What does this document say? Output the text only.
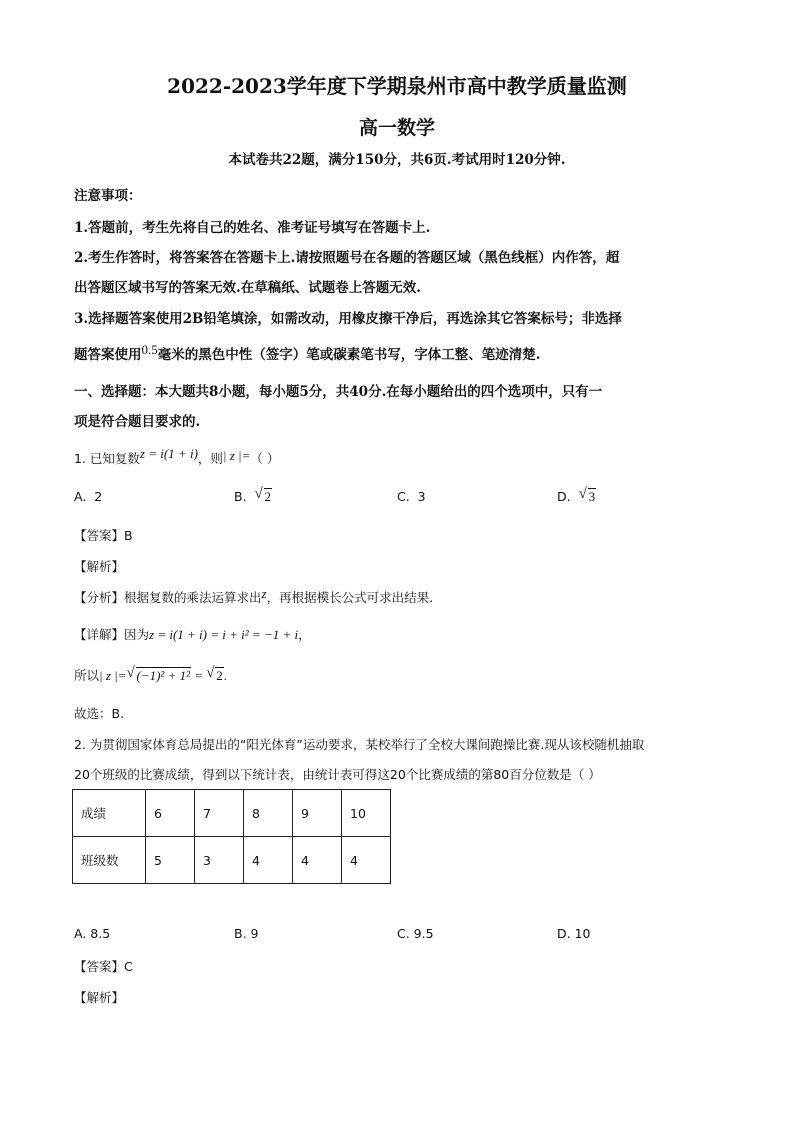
2022-2023学年度下学期泉州市高中教学质量监测
高一数学
本试卷共22题，满分150分，共6页.考试用时120分钟.
注意事项：
1.答题前，考生先将自己的姓名、准考证号填写在答题卡上.
2.考生作答时，将答案答在答题卡上.请按照题号在各题的答题区域（黑色线框）内作答，超
出答题区域书写的答案无效.在草稿纸、试题卷上答题无效.
3.选择题答案使用2B铅笔填涂，如需改动，用橡皮擦干净后，再选涂其它答案标号；非选择
题答案使用0.5毫米的黑色中性（签字）笔或碳素笔书写，字体工整、笔迹清楚.
一、选择题：本大题共8小题，每小题5分，共40分.在每小题给出的四个选项中，只有一
项是符合题目要求的.
1. 已知复数z = i(1 + i)，则| z |=（ ）
A. 2	B. √ 2	C. 3	D. √ 3
【答案】B
【解析】
【分析】根据复数的乘法运算求出z，再根据模长公式可求出结果.
【详解】因为z = i(1 + i) = i + i² = −1 + i，
所以| z |= √ (−1)² + 1² = √ 2.
故选：B.
2. 为贯彻国家体育总局提出的“阳光体育”运动要求，某校举行了全校大课间跑操比赛.现从该校随机抽取
20个班级的比赛成绩，得到以下统计表，由统计表可得这20个比赛成绩的第80百分位数是（ ）
成绩	6	7	8	9	10
班级数	5	3	4	4	4
A. 8.5	B. 9	C. 9.5	D. 10
【答案】C
【解析】
